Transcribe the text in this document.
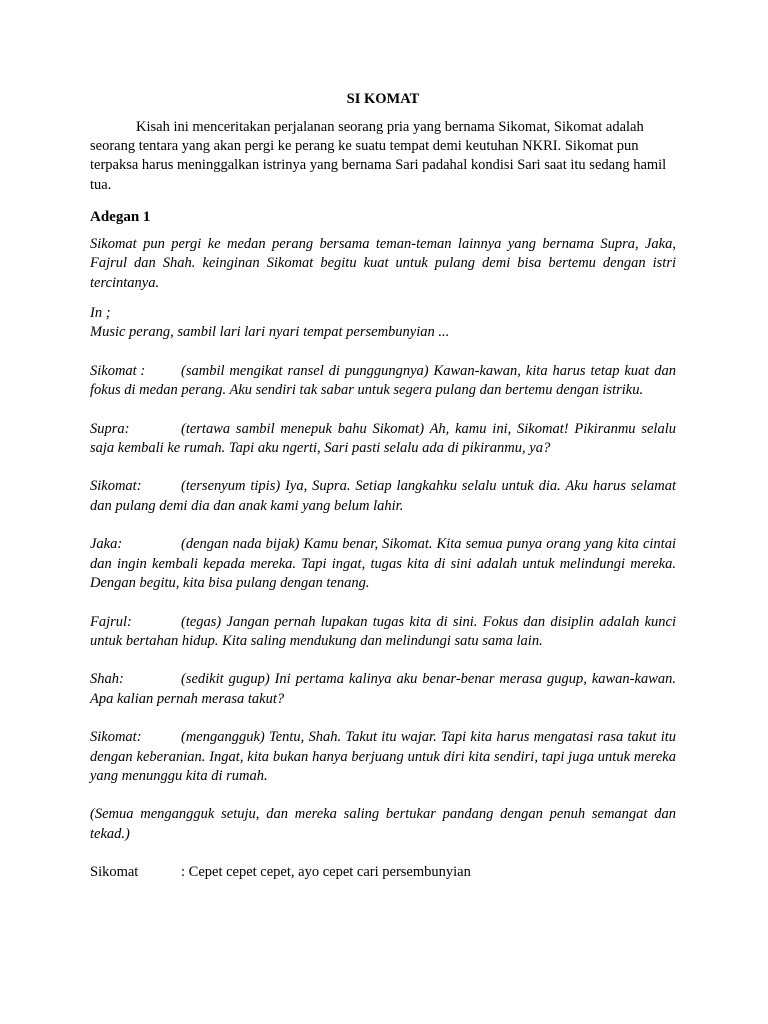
SI KOMAT

Kisah ini menceritakan perjalanan seorang pria yang bernama Sikomat, Sikomat adalah seorang tentara yang akan pergi ke perang ke suatu tempat demi keutuhan NKRI. Sikomat pun terpaksa harus meninggalkan istrinya yang bernama Sari padahal kondisi Sari saat itu sedang hamil tua.

Adegan 1

Sikomat pun pergi ke medan perang bersama teman-teman lainnya yang bernama Supra, Jaka, Fajrul dan Shah. keinginan Sikomat begitu kuat untuk pulang demi bisa bertemu dengan istri tercintanya.

In ;
Music perang, sambil lari lari nyari tempat persembunyian ...

Sikomat : (sambil mengikat ransel di punggungnya) Kawan-kawan, kita harus tetap kuat dan fokus di medan perang. Aku sendiri tak sabar untuk segera pulang dan bertemu dengan istriku.

Supra:	(tertawa sambil menepuk bahu Sikomat) Ah, kamu ini, Sikomat! Pikiranmu selalu saja kembali ke rumah. Tapi aku ngerti, Sari pasti selalu ada di pikiranmu, ya?

Sikomat:	(tersenyum tipis) Iya, Supra. Setiap langkahku selalu untuk dia. Aku harus selamat dan pulang demi dia dan anak kami yang belum lahir.

Jaka:	(dengan nada bijak) Kamu benar, Sikomat. Kita semua punya orang yang kita cintai dan ingin kembali kepada mereka. Tapi ingat, tugas kita di sini adalah untuk melindungi mereka. Dengan begitu, kita bisa pulang dengan tenang.

Fajrul:	(tegas) Jangan pernah lupakan tugas kita di sini. Fokus dan disiplin adalah kunci untuk bertahan hidup. Kita saling mendukung dan melindungi satu sama lain.

Shah:	(sedikit gugup) Ini pertama kalinya aku benar-benar merasa gugup, kawan-kawan. Apa kalian pernah merasa takut?

Sikomat:	(mengangguk) Tentu, Shah. Takut itu wajar. Tapi kita harus mengatasi rasa takut itu dengan keberanian. Ingat, kita bukan hanya berjuang untuk diri kita sendiri, tapi juga untuk mereka yang menunggu kita di rumah.

(Semua mengangguk setuju, dan mereka saling bertukar pandang dengan penuh semangat dan tekad.)

Sikomat	: Cepet cepet cepet, ayo cepet cari persembunyian
